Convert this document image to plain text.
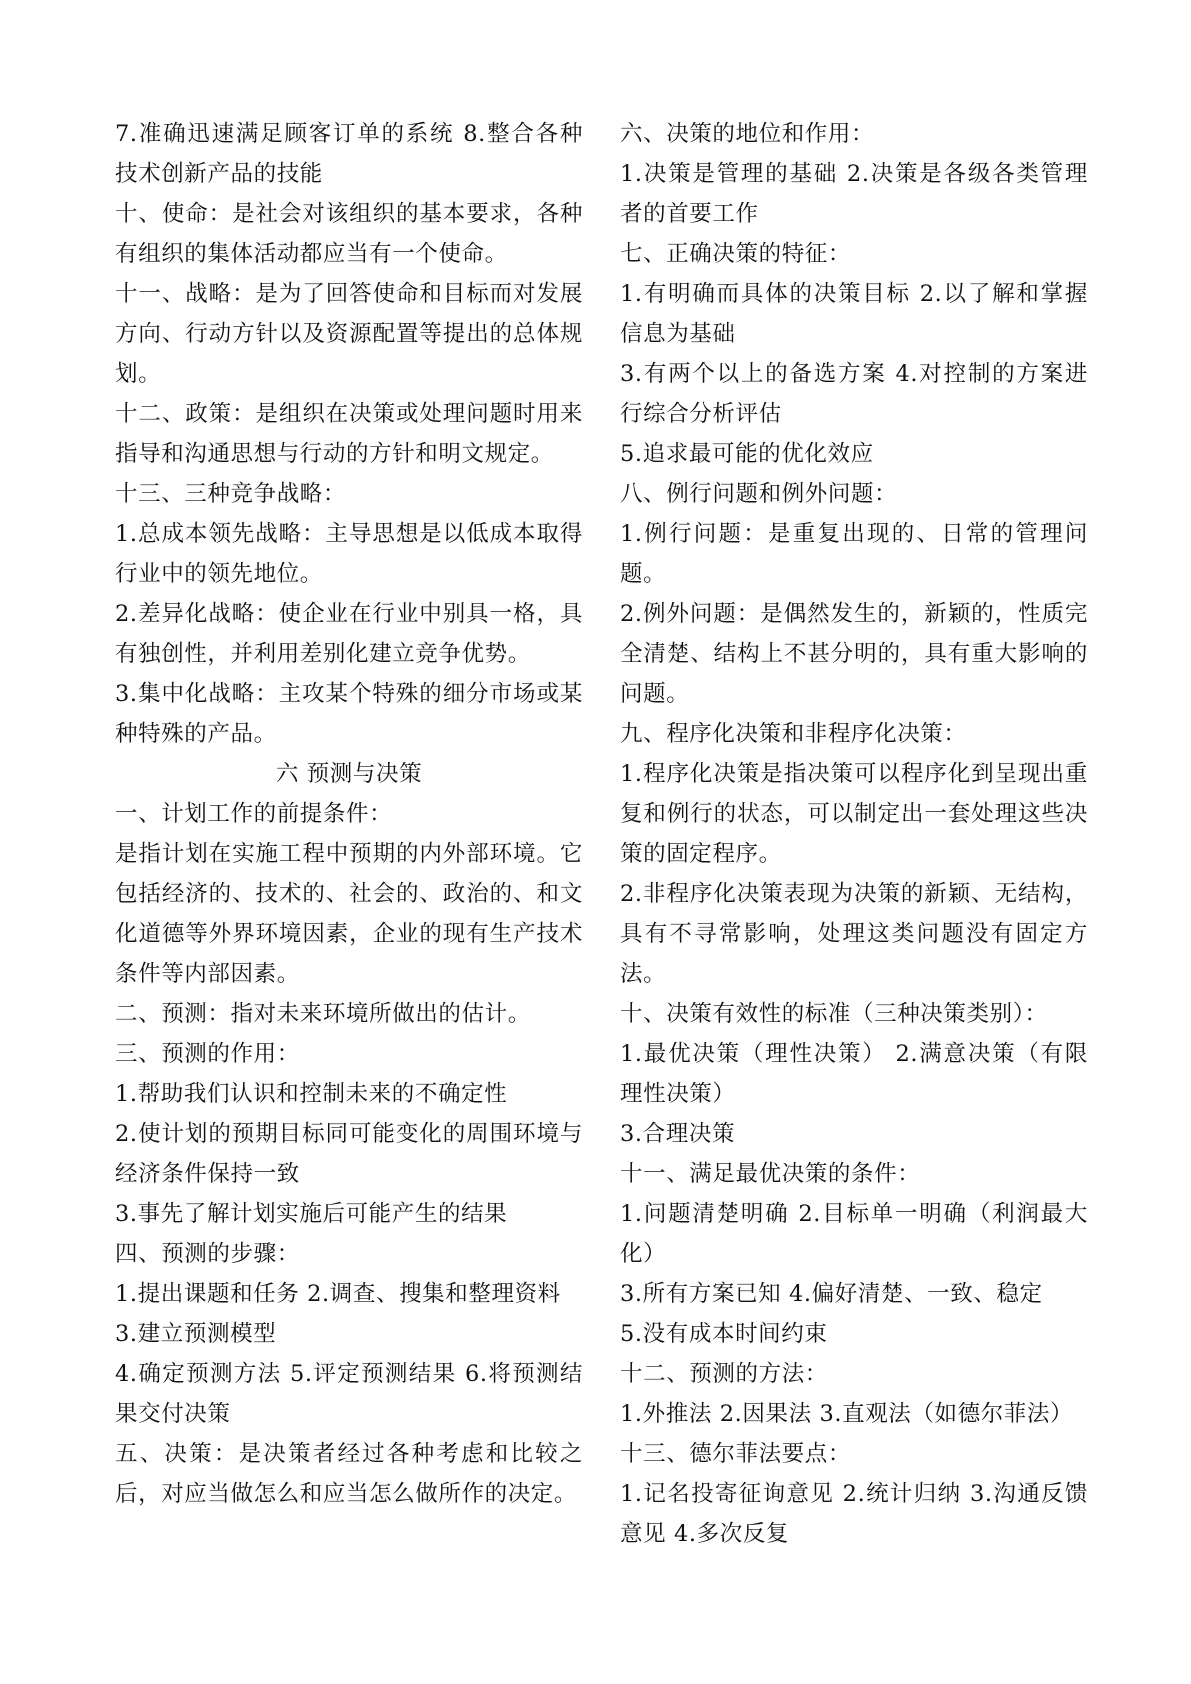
7.准确迅速满足顾客订单的系统 8.整合各种技术创新产品的技能

十、使命：是社会对该组织的基本要求，各种有组织的集体活动都应当有一个使命。

十一、战略：是为了回答使命和目标而对发展方向、行动方针以及资源配置等提出的总体规划。

十二、政策：是组织在决策或处理问题时用来指导和沟通思想与行动的方针和明文规定。

十三、三种竞争战略：

1.总成本领先战略：主导思想是以低成本取得行业中的领先地位。

2.差异化战略：使企业在行业中别具一格，具有独创性，并利用差别化建立竞争优势。

3.集中化战略：主攻某个特殊的细分市场或某种特殊的产品。

六 预测与决策

一、计划工作的前提条件：

是指计划在实施工程中预期的内外部环境。它包括经济的、技术的、社会的、政治的、和文化道德等外界环境因素，企业的现有生产技术条件等内部因素。

二、预测：指对未来环境所做出的估计。

三、预测的作用：

1.帮助我们认识和控制未来的不确定性

2.使计划的预期目标同可能变化的周围环境与经济条件保持一致

3.事先了解计划实施后可能产生的结果

四、预测的步骤：

1.提出课题和任务 2.调查、搜集和整理资料

3.建立预测模型

4.确定预测方法 5.评定预测结果 6.将预测结果交付决策

五、决策：是决策者经过各种考虑和比较之后，对应当做怎么和应当怎么做所作的决定。

六、决策的地位和作用：

1.决策是管理的基础 2.决策是各级各类管理者的首要工作

七、正确决策的特征：

1.有明确而具体的决策目标 2.以了解和掌握信息为基础

3.有两个以上的备选方案 4.对控制的方案进行综合分析评估

5.追求最可能的优化效应

八、例行问题和例外问题：

1.例行问题：是重复出现的、日常的管理问题。

2.例外问题：是偶然发生的，新颖的，性质完全清楚、结构上不甚分明的，具有重大影响的问题。

九、程序化决策和非程序化决策：

1.程序化决策是指决策可以程序化到呈现出重复和例行的状态，可以制定出一套处理这些决策的固定程序。

2.非程序化决策表现为决策的新颖、无结构，具有不寻常影响，处理这类问题没有固定方法。

十、决策有效性的标准（三种决策类别）：

1.最优决策（理性决策） 2.满意决策（有限理性决策）

3.合理决策

十一、满足最优决策的条件：

1.问题清楚明确 2.目标单一明确（利润最大化）

3.所有方案已知 4.偏好清楚、一致、稳定

5.没有成本时间约束

十二、预测的方法：

1.外推法 2.因果法 3.直观法（如德尔菲法）

十三、德尔菲法要点：

1.记名投寄征询意见 2.统计归纳 3.沟通反馈意见 4.多次反复
